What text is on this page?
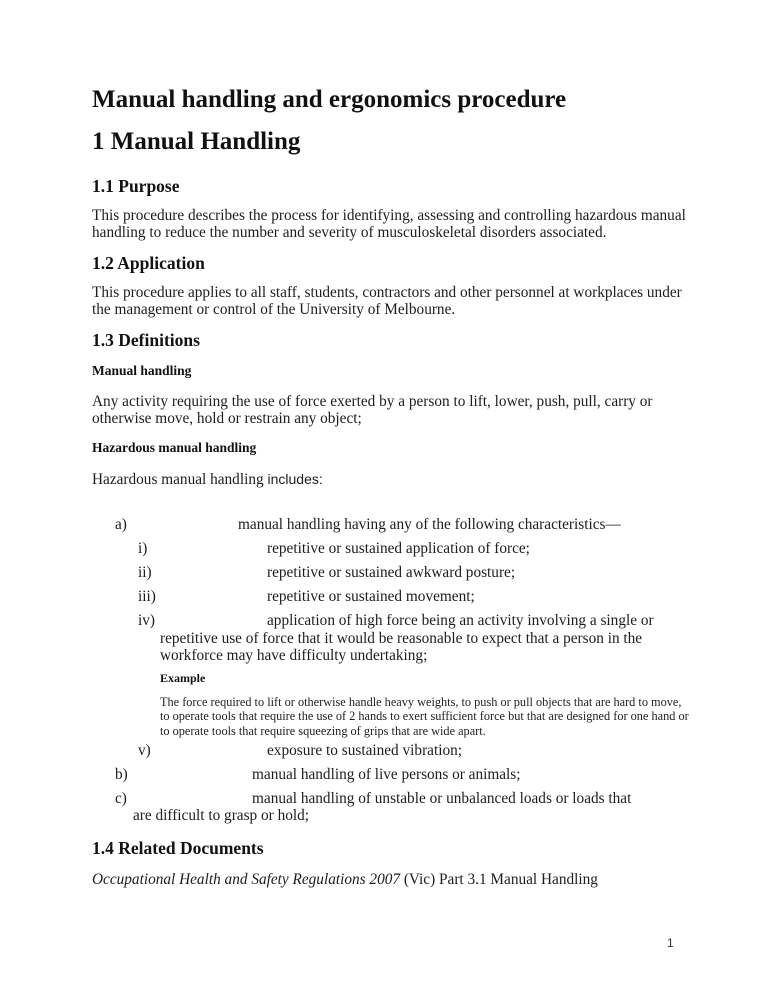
Manual handling and ergonomics procedure
1 Manual Handling
1.1 Purpose
This procedure describes the process for identifying, assessing and controlling hazardous manual handling to reduce the number and severity of musculoskeletal disorders associated.
1.2 Application
This procedure applies to all staff, students, contractors and other personnel at workplaces under the management or control of the University of Melbourne.
1.3 Definitions
Manual handling
Any activity requiring the use of force exerted by a person to lift, lower, push, pull, carry or otherwise move, hold or restrain any object;
Hazardous manual handling
Hazardous manual handling includes:
a)	manual handling having any of the following characteristics—
i)	repetitive or sustained application of force;
ii)	repetitive or sustained awkward posture;
iii)	repetitive or sustained movement;
iv)	application of high force being an activity involving a single or
repetitive use of force that it would be reasonable to expect that a person in the workforce may have difficulty undertaking;
Example
The force required to lift or otherwise handle heavy weights, to push or pull objects that are hard to move, to operate tools that require the use of 2 hands to exert sufficient force but that are designed for one hand or to operate tools that require squeezing of grips that are wide apart.
v)	exposure to sustained vibration;
b)	manual handling of live persons or animals;
c)	manual handling of unstable or unbalanced loads or loads that
are difficult to grasp or hold;
1.4 Related Documents
Occupational Health and Safety Regulations 2007 (Vic) Part 3.1 Manual Handling
1
